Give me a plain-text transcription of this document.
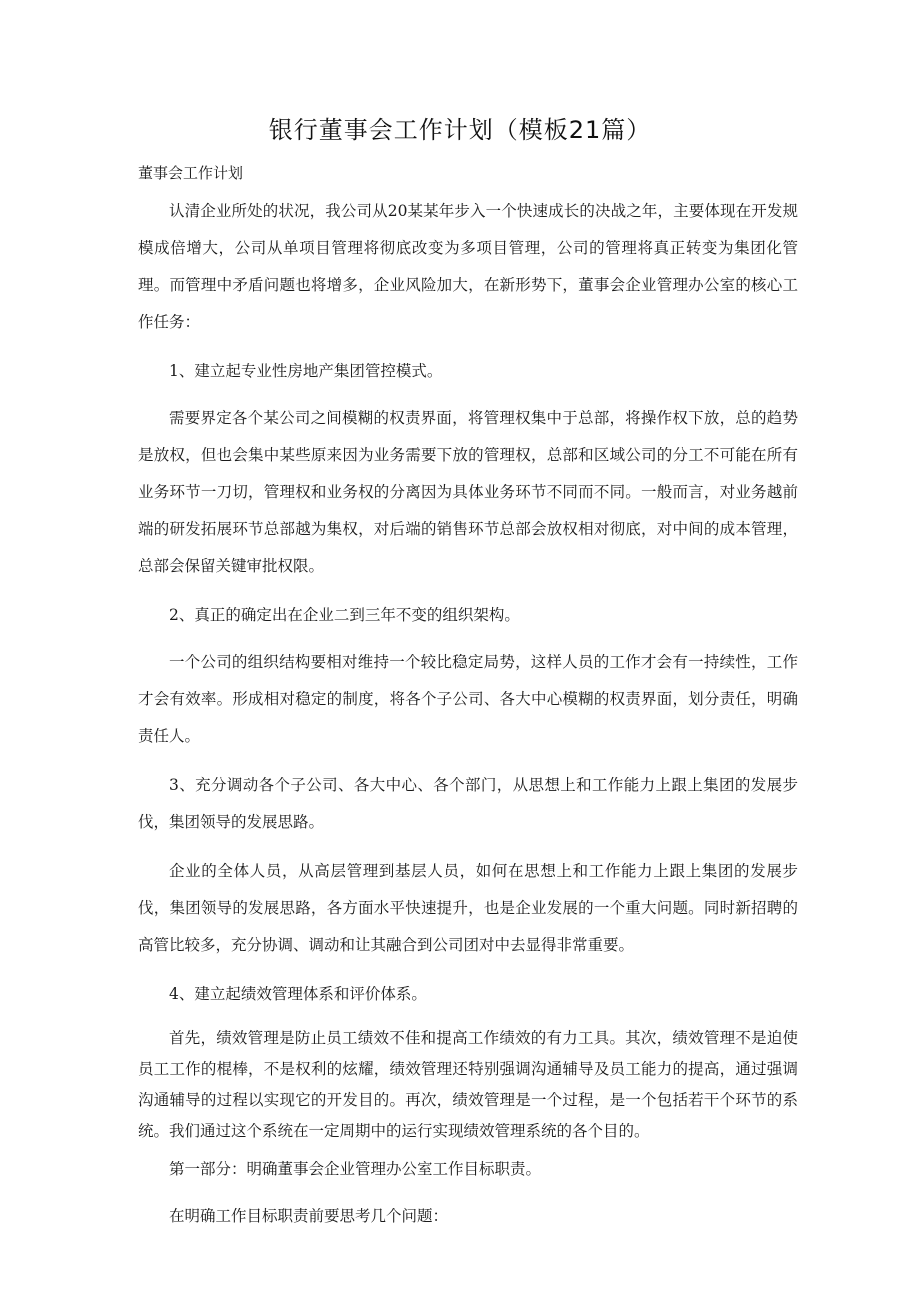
银行董事会工作计划（模板21篇）

董事会工作计划

认清企业所处的状况，我公司从20某某年步入一个快速成长的决战之年，主要体现在开发规模成倍增大，公司从单项目管理将彻底改变为多项目管理，公司的管理将真正转变为集团化管理。而管理中矛盾问题也将增多，企业风险加大，在新形势下，董事会企业管理办公室的核心工作任务：

1、建立起专业性房地产集团管控模式。

需要界定各个某公司之间模糊的权责界面，将管理权集中于总部，将操作权下放，总的趋势是放权，但也会集中某些原来因为业务需要下放的管理权，总部和区域公司的分工不可能在所有业务环节一刀切，管理权和业务权的分离因为具体业务环节不同而不同。一般而言，对业务越前端的研发拓展环节总部越为集权，对后端的销售环节总部会放权相对彻底，对中间的成本管理，总部会保留关键审批权限。

2、真正的确定出在企业二到三年不变的组织架构。

一个公司的组织结构要相对维持一个较比稳定局势，这样人员的工作才会有一持续性，工作才会有效率。形成相对稳定的制度，将各个子公司、各大中心模糊的权责界面，划分责任，明确责任人。

3、充分调动各个子公司、各大中心、各个部门，从思想上和工作能力上跟上集团的发展步伐，集团领导的发展思路。

企业的全体人员，从高层管理到基层人员，如何在思想上和工作能力上跟上集团的发展步伐，集团领导的发展思路，各方面水平快速提升，也是企业发展的一个重大问题。同时新招聘的高管比较多，充分协调、调动和让其融合到公司团对中去显得非常重要。

4、建立起绩效管理体系和评价体系。

首先，绩效管理是防止员工绩效不佳和提高工作绩效的有力工具。其次，绩效管理不是迫使员工工作的棍棒，不是权利的炫耀，绩效管理还特别强调沟通辅导及员工能力的提高，通过强调沟通辅导的过程以实现它的开发目的。再次，绩效管理是一个过程，是一个包括若干个环节的系统。我们通过这个系统在一定周期中的运行实现绩效管理系统的各个目的。

第一部分：明确董事会企业管理办公室工作目标职责。

在明确工作目标职责前要思考几个问题：
